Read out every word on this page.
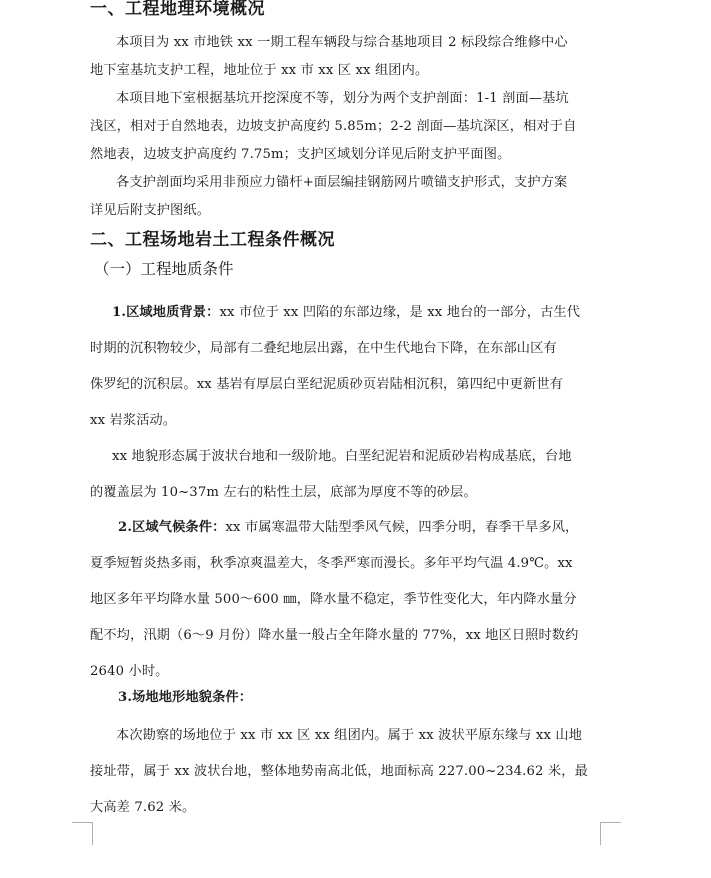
一、工程地理环境概况
本项目为 xx 市地铁 xx 一期工程车辆段与综合基地项目 2 标段综合维修中心
地下室基坑支护工程，地址位于 xx 市 xx 区 xx 组团内。
本项目地下室根据基坑开挖深度不等，划分为两个支护剖面：1-1 剖面—基坑
浅区，相对于自然地表，边坡支护高度约 5.85m；2-2 剖面—基坑深区，相对于自
然地表，边坡支护高度约 7.75m；支护区域划分详见后附支护平面图。
各支护剖面均采用非预应力锚杆+面层编挂钢筋网片喷锚支护形式，支护方案
详见后附支护图纸。
二、工程场地岩土工程条件概况
（一）工程地质条件
1.区域地质背景：xx 市位于 xx 凹陷的东部边缘，是 xx 地台的一部分，古生代
时期的沉积物较少，局部有二叠纪地层出露，在中生代地台下降，在东部山区有
侏罗纪的沉积层。xx 基岩有厚层白垩纪泥质砂页岩陆相沉积，第四纪中更新世有
xx 岩浆活动。
xx 地貌形态属于波状台地和一级阶地。白垩纪泥岩和泥质砂岩构成基底，台地
的覆盖层为 10~37m 左右的粘性土层，底部为厚度不等的砂层。
2.区域气候条件：xx 市属寒温带大陆型季风气候，四季分明，春季干旱多风，
夏季短暂炎热多雨，秋季凉爽温差大，冬季严寒而漫长。多年平均气温 4.9℃。xx
地区多年平均降水量 500～600 ㎜，降水量不稳定，季节性变化大，年内降水量分
配不均，汛期（6～9 月份）降水量一般占全年降水量的 77%，xx 地区日照时数约
2640 小时。
3.场地地形地貌条件：
本次勘察的场地位于 xx 市 xx 区 xx 组团内。属于 xx 波状平原东缘与 xx 山地
接址带，属于 xx 波状台地，整体地势南高北低，地面标高 227.00~234.62 米，最
大高差 7.62 米。
